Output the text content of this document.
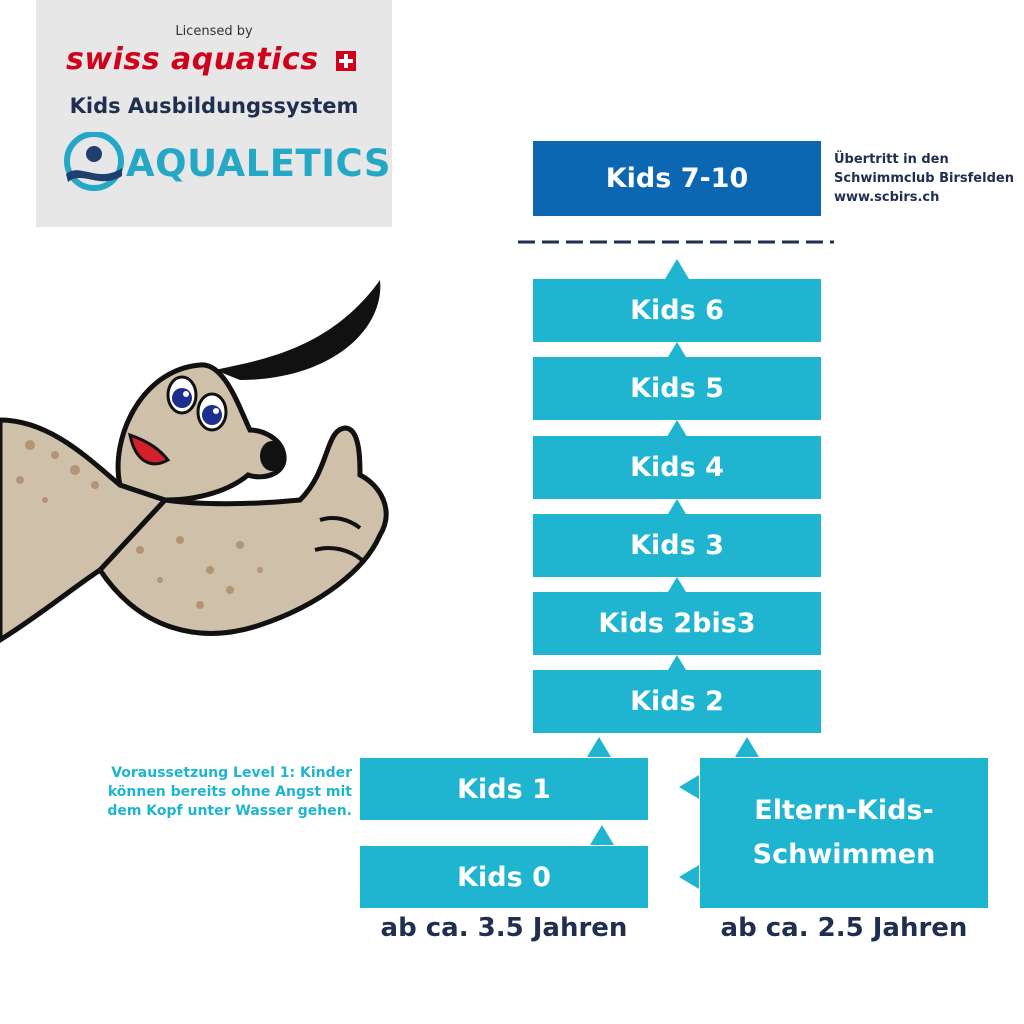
Licensed by
swiss aquatics
Kids Ausbildungssystem
AQUALETICS	Kids 7-10
Übertritt in den
Schwimmclub Birsfelden
www.scbirs.ch
Kids 6
Kids 5
Kids 4
Kids 3
Kids 2bis3
Kids 2
Voraussetzung Level 1: Kinder
können bereits ohne Angst mit
dem Kopf unter Wasser gehen.
Kids 1
Kids 0
Eltern-Kids-
Schwimmen
ab ca. 3.5 Jahren	ab ca. 2.5 Jahren
